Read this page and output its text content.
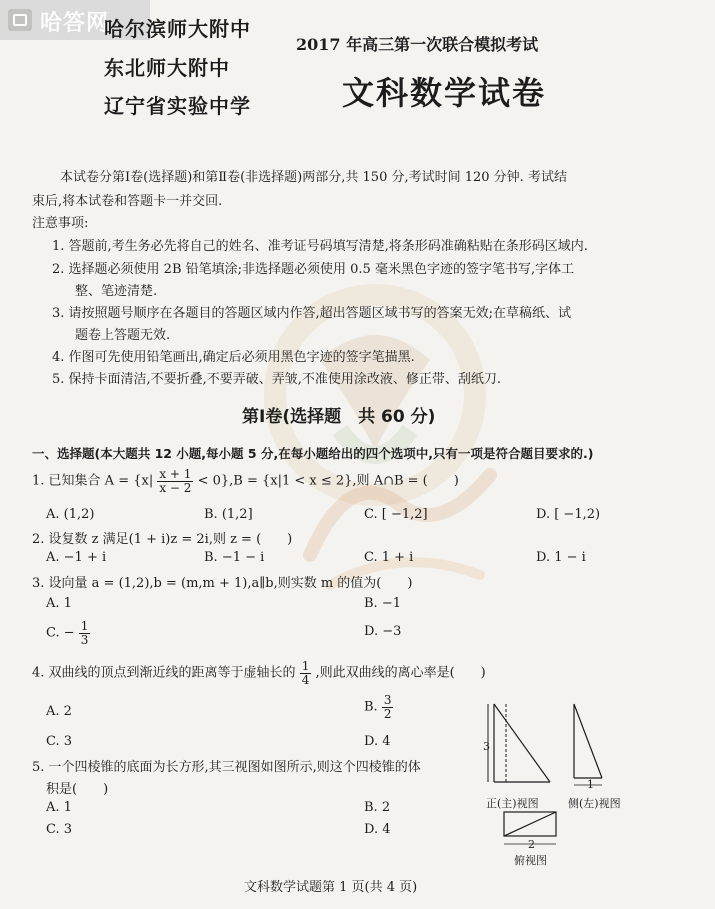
哈答网
哈尔滨师大附中
东北师大附中
辽宁省实验中学
2017 年高三第一次联合模拟考试
文科数学试卷
本试卷分第Ⅰ卷(选择题)和第Ⅱ卷(非选择题)两部分,共 150 分,考试时间 120 分钟. 考试结
束后,将本试卷和答题卡一并交回.
注意事项:
1. 答题前,考生务必先将自己的姓名、准考证号码填写清楚,将条形码准确粘贴在条形码区域内.
2. 选择题必须使用 2B 铅笔填涂;非选择题必须使用 0.5 毫米黑色字迹的签字笔书写,字体工
整、笔迹清楚.
3. 请按照题号顺序在各题目的答题区域内作答,超出答题区域书写的答案无效;在草稿纸、试
题卷上答题无效.
4. 作图可先使用铅笔画出,确定后必须用黑色字迹的签字笔描黑.
5. 保持卡面清洁,不要折叠,不要弄破、弄皱,不准使用涂改液、修正带、刮纸刀.
第Ⅰ卷(选择题　共 60 分)
一、选择题(本大题共 12 小题,每小题 5 分,在每小题给出的四个选项中,只有一项是符合题目要求的.)
1. 已知集合 $A = \{x| \frac{x + 1}{x - 2} < 0\},B = \{x|1 < x \le 2\}$,则 A∩B = (　　)
A. (1,2)	B. (1,2]	C. [ −1,2]	D. [ −1,2)
2. 设复数 z 满足(1 + i)z = 2i,则 z = (　　)
A. −1 + i	B. −1 − i	C. 1 + i	D. 1 − i
3. 设向量 a = (1,2),b = (m,m + 1),a∥b,则实数 m 的值为(　　)
A. 1	B. −1
C. − $\frac{1}{3}$	D. −3
4. 双曲线的顶点到渐近线的距离等于虚轴长的 $\frac{1}{4}$ ,则此双曲线的离心率是(　　)
A. 2	B. $\frac{3}{2}$
C. 3	D. 4
5. 一个四棱锥的底面为长方形,其三视图如图所示,则这个四棱锥的体
积是(　　)
A. 1	B. 2
C. 3	D. 4
3
1
2
正(主)视图	侧(左)视图
俯视图
文科数学试题第 1 页(共 4 页)
